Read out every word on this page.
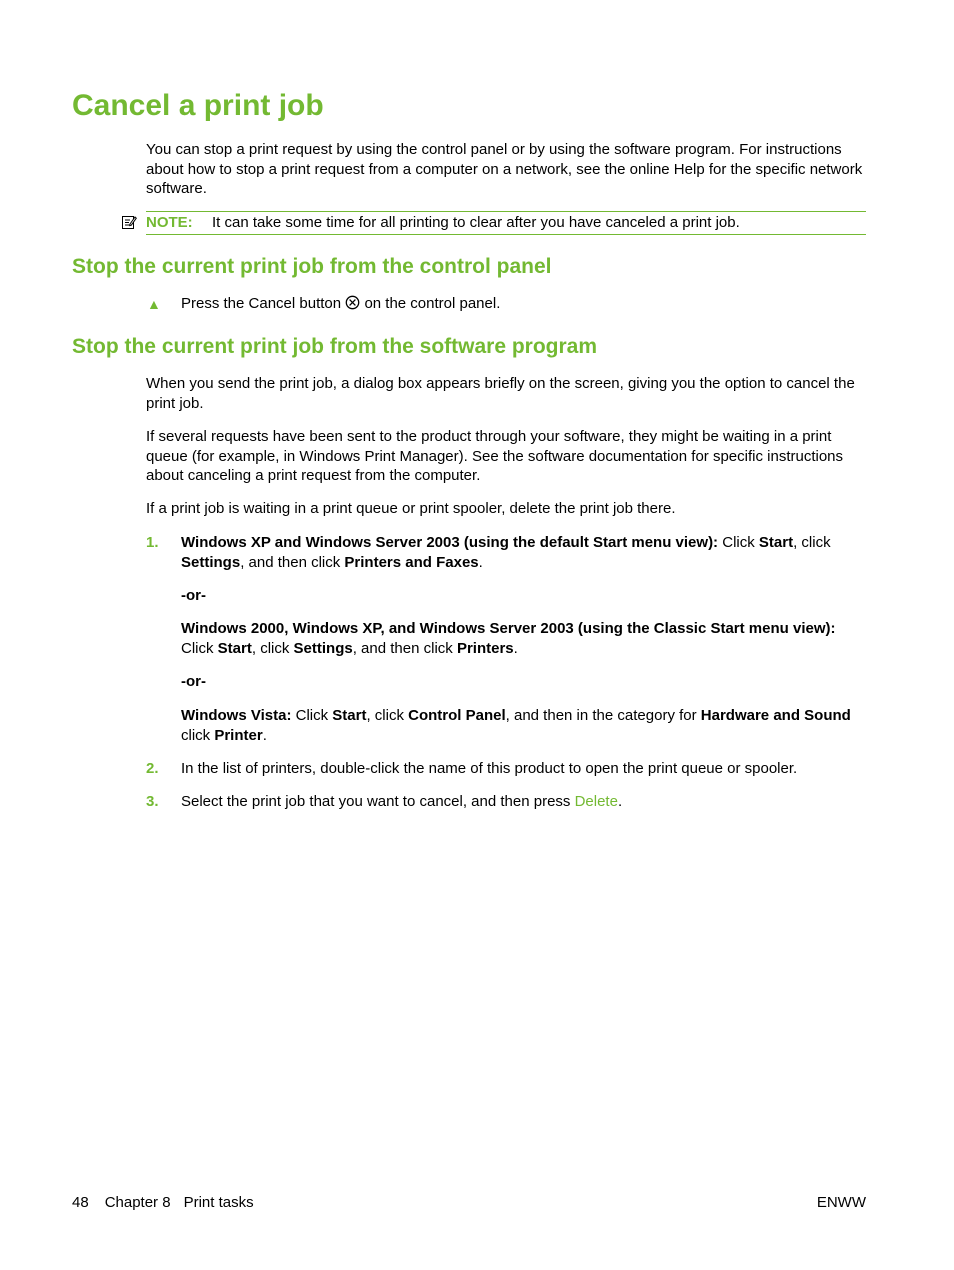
Cancel a print job

You can stop a print request by using the control panel or by using the software program. For instructions about how to stop a print request from a computer on a network, see the online Help for the specific network software.

NOTE: It can take some time for all printing to clear after you have canceled a print job.
Stop the current print job from the control panel
▲ Press the Cancel button on the control panel.

Stop the current print job from the software program

When you send the print job, a dialog box appears briefly on the screen, giving you the option to cancel the print job.

If several requests have been sent to the product through your software, they might be waiting in a print queue (for example, in Windows Print Manager). See the software documentation for specific instructions about canceling a print request from the computer.

If a print job is waiting in a print queue or print spooler, delete the print job there.

1. Windows XP and Windows Server 2003 (using the default Start menu view): Click Start, click Settings, and then click Printers and Faxes.

-or-

Windows 2000, Windows XP, and Windows Server 2003 (using the Classic Start menu view): Click Start, click Settings, and then click Printers.

-or-

Windows Vista: Click Start, click Control Panel, and then in the category for Hardware and Sound click Printer.

2. In the list of printers, double-click the name of this product to open the print queue or spooler.

3. Select the print job that you want to cancel, and then press Delete.

48 Chapter 8 Print tasks	ENWW
